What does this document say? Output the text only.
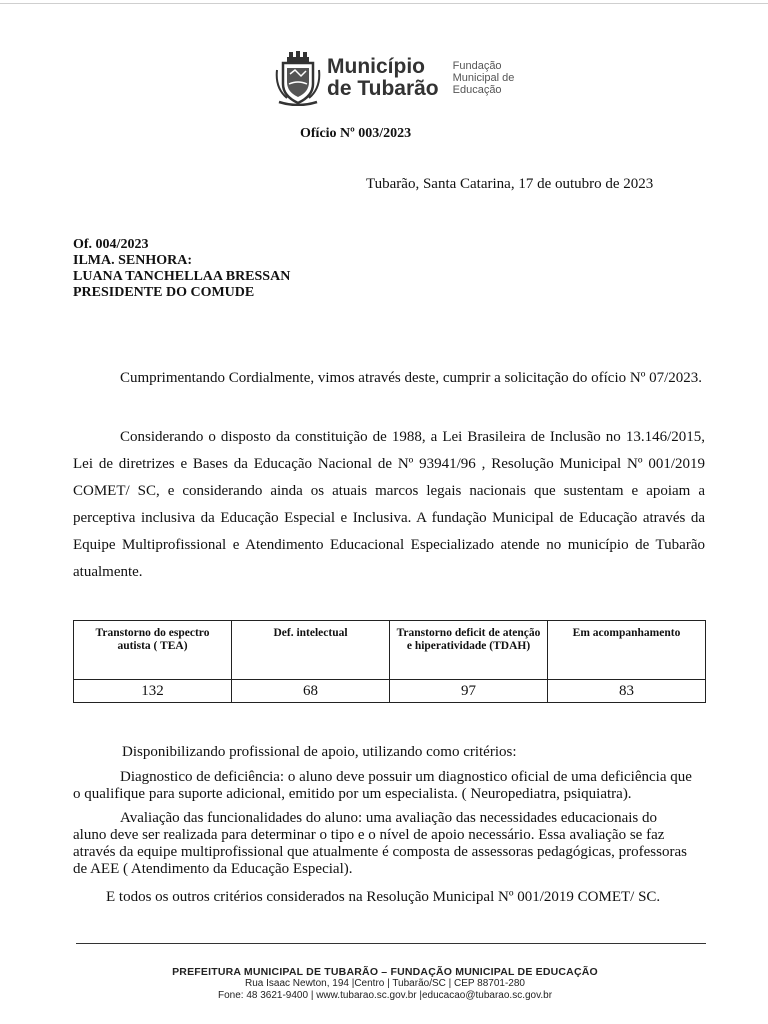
Município
de Tubarão
Fundação
Municipal de
Educação
Ofício Nº 003/2023
Tubarão, Santa Catarina, 17 de outubro de 2023
Of. 004/2023
ILMA. SENHORA:
LUANA TANCHELLAA BRESSAN
PRESIDENTE DO COMUDE
Cumprimentando Cordialmente, vimos através deste, cumprir a solicitação do ofício Nº 07/2023.
Considerando o disposto da constituição de 1988, a Lei Brasileira de Inclusão no 13.146/2015, Lei de diretrizes e Bases da Educação Nacional de Nº 93941/96 , Resolução Municipal Nº 001/2019 COMET/ SC, e considerando ainda os atuais marcos legais nacionais que sustentam e apoiam a perceptiva inclusiva da Educação Especial e Inclusiva. A fundação Municipal de Educação através da Equipe Multiprofissional e Atendimento Educacional Especializado atende no município de Tubarão atualmente.
Transtorno do espectro autista ( TEA)	Def. intelectual	Transtorno deficit de atenção e hiperatividade (TDAH)	Em acompanhamento
132	68	97	83
Disponibilizando profissional de apoio, utilizando como critérios:
Diagnostico de deficiência: o aluno deve possuir um diagnostico oficial de uma deficiência que o qualifique para suporte adicional, emitido por um especialista. ( Neuropediatra, psiquiatra).
Avaliação das funcionalidades do aluno: uma avaliação das necessidades educacionais do aluno deve ser realizada para determinar o tipo e o nível de apoio necessário. Essa avaliação se faz através da equipe multiprofissional que atualmente é composta de assessoras pedagógicas, professoras de AEE ( Atendimento da Educação Especial).
E todos os outros critérios considerados na Resolução Municipal Nº 001/2019 COMET/ SC.
PREFEITURA MUNICIPAL DE TUBARÃO – FUNDAÇÃO MUNICIPAL DE EDUCAÇÃO
Rua Isaac Newton, 194 |Centro | Tubarão/SC | CEP 88701-280
Fone: 48 3621-9400 | www.tubarao.sc.gov.br |educacao@tubarao.sc.gov.br
